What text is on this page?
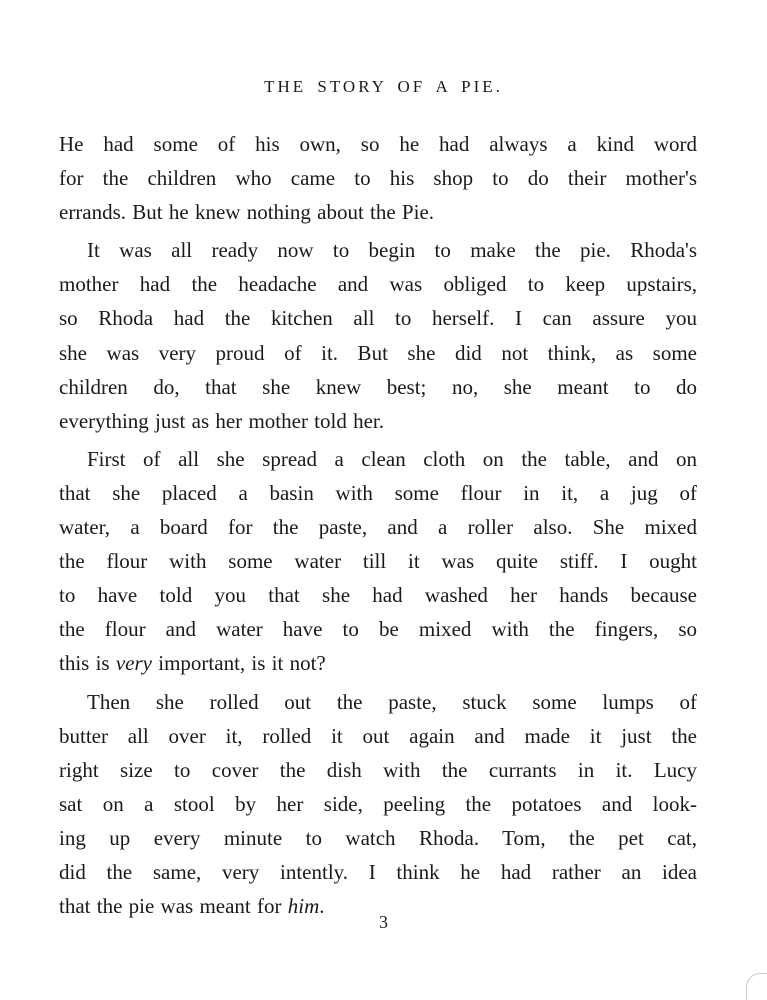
THE STORY OF A PIE.
He had some of his own, so he had always a kind word
for the children who came to his shop to do their mother's
errands. But he knew nothing about the Pie.
It was all ready now to begin to make the pie. Rhoda's
mother had the headache and was obliged to keep upstairs,
so Rhoda had the kitchen all to herself. I can assure you
she was very proud of it. But she did not think, as some
children do, that she knew best; no, she meant to do
everything just as her mother told her.
First of all she spread a clean cloth on the table, and on
that she placed a basin with some flour in it, a jug of
water, a board for the paste, and a roller also. She mixed
the flour with some water till it was quite stiff. I ought
to have told you that she had washed her hands because
the flour and water have to be mixed with the fingers, so
this is very important, is it not?
Then she rolled out the paste, stuck some lumps of
butter all over it, rolled it out again and made it just the
right size to cover the dish with the currants in it. Lucy
sat on a stool by her side, peeling the potatoes and look-
ing up every minute to watch Rhoda. Tom, the pet cat,
did the same, very intently. I think he had rather an idea
that the pie was meant for him.
3
